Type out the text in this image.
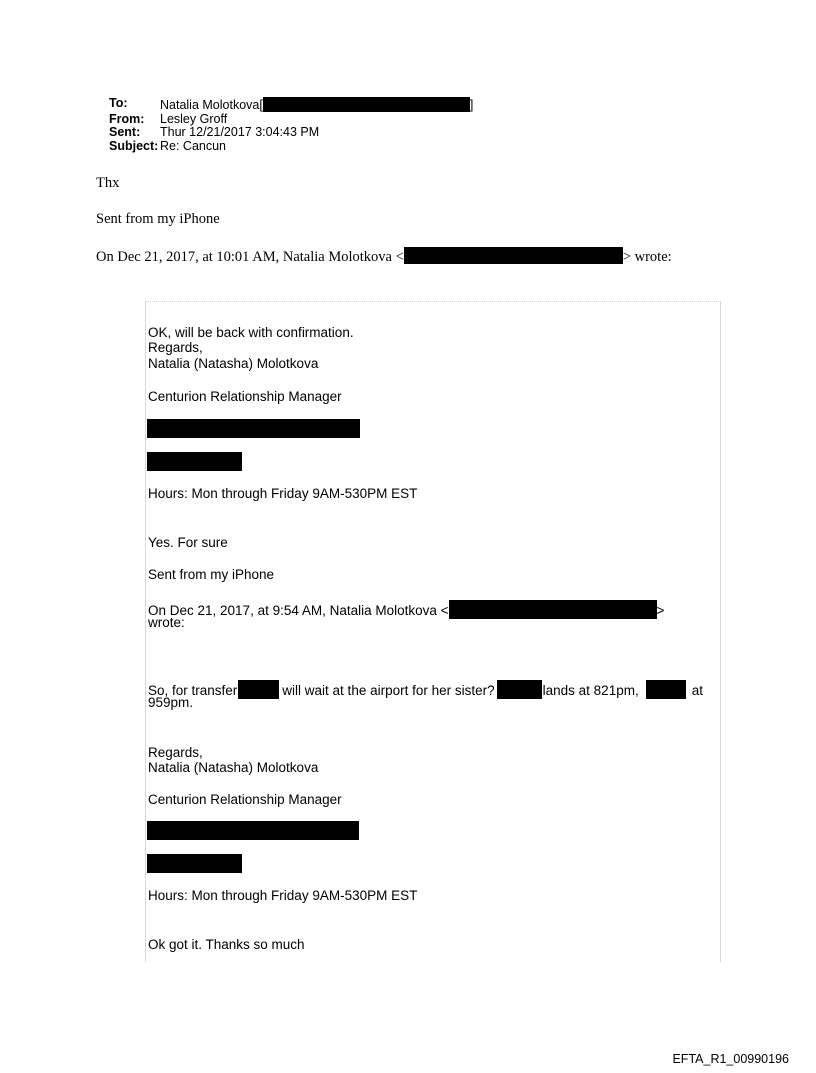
To:	Natalia Molotkova[	]
From:	Lesley Groff
Sent:	Thur 12/21/2017 3:04:43 PM
Subject: Re: Cancun
Thx
Sent from my iPhone
On Dec 21, 2017, at 10:01 AM, Natalia Molotkova <	> wrote:
OK, will be back with confirmation.
Regards,
Natalia (Natasha) Molotkova
Centurion Relationship Manager
Hours: Mon through Friday 9AM-530PM EST
Yes. For sure
Sent from my iPhone
On Dec 21, 2017, at 9:54 AM, Natalia Molotkova <	>
wrote:
So, for transfer	will wait at the airport for her sister?	lands at 821pm,	at
959pm.
Regards,
Natalia (Natasha) Molotkova
Centurion Relationship Manager
Hours: Mon through Friday 9AM-530PM EST
Ok got it. Thanks so much
EFTA_R1_00990196
